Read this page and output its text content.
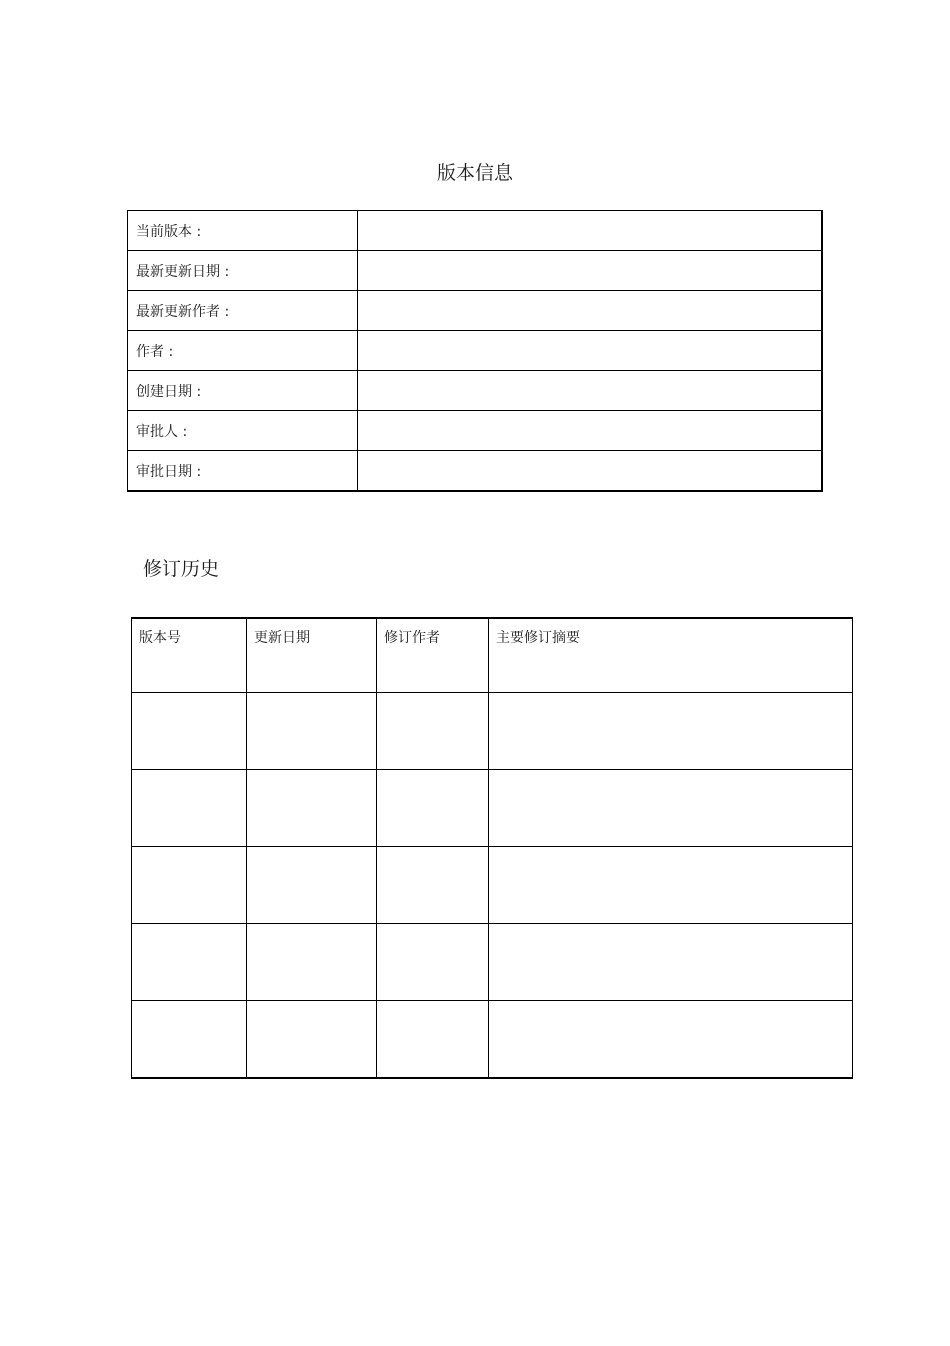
版本信息
当前版本 :	
最新更新日期 :	
最新更新作者 :	
作者 :	
创建日期 :	
审批人 :	
审批日期 :	
修订历史
版本号	更新日期	修订作者	主要修订摘要
